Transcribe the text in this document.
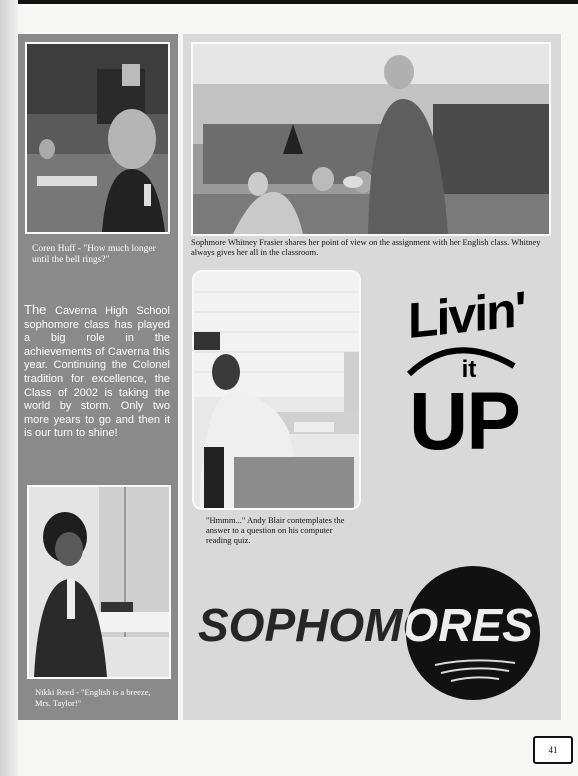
Coren Huff - "How much longer until the bell rings?"
The Caverna High School sophomore class has played a big role in the achievements of Caverna this year. Continuing the Colonel tradition for excellence, the Class of 2002 is taking the world by storm. Only two more years to go and then it is our turn to shine!
Nikki Reed - "English is a breeze, Mrs. Taylor!"
Sophmore Whitney Frasier shares her point of view on the assignment with her English class. Whitney always gives her all in the classroom.
"Hmmm..." Andy Blair contemplates the answer to a question on his computer reading quiz.
Livin'
it
UP
SOPHOMORES
41
